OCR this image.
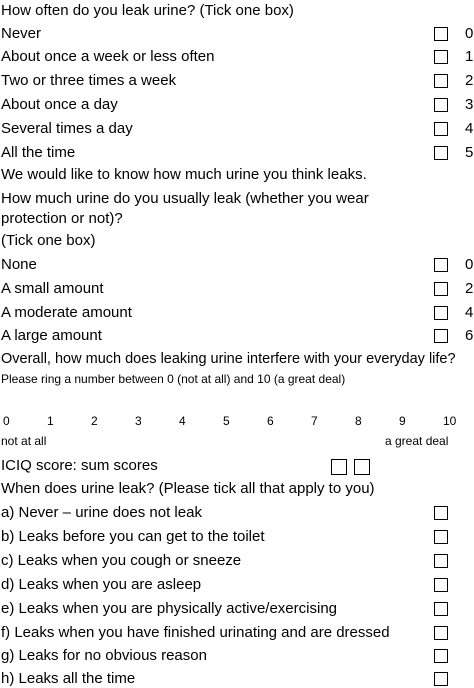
How often do you leak urine? (Tick one box)
Never	0
About once a week or less often	1
Two or three times a week	2
About once a day	3
Several times a day	4
All the time	5
We would like to know how much urine you think leaks.
How much urine do you usually leak (whether you wear
protection or not)?
(Tick one box)
None	0
A small amount	2
A moderate amount	4
A large amount	6
Overall, how much does leaking urine interfere with your everyday life?
Please ring a number between 0 (not at all) and 10 (a great deal)
0	1	2	3	4	5	6	7	8	9	10
not at all	a great deal
ICIQ score: sum scores
When does urine leak? (Please tick all that apply to you)
a) Never – urine does not leak
b) Leaks before you can get to the toilet
c) Leaks when you cough or sneeze
d) Leaks when you are asleep
e) Leaks when you are physically active/exercising
f) Leaks when you have finished urinating and are dressed
g) Leaks for no obvious reason
h) Leaks all the time
